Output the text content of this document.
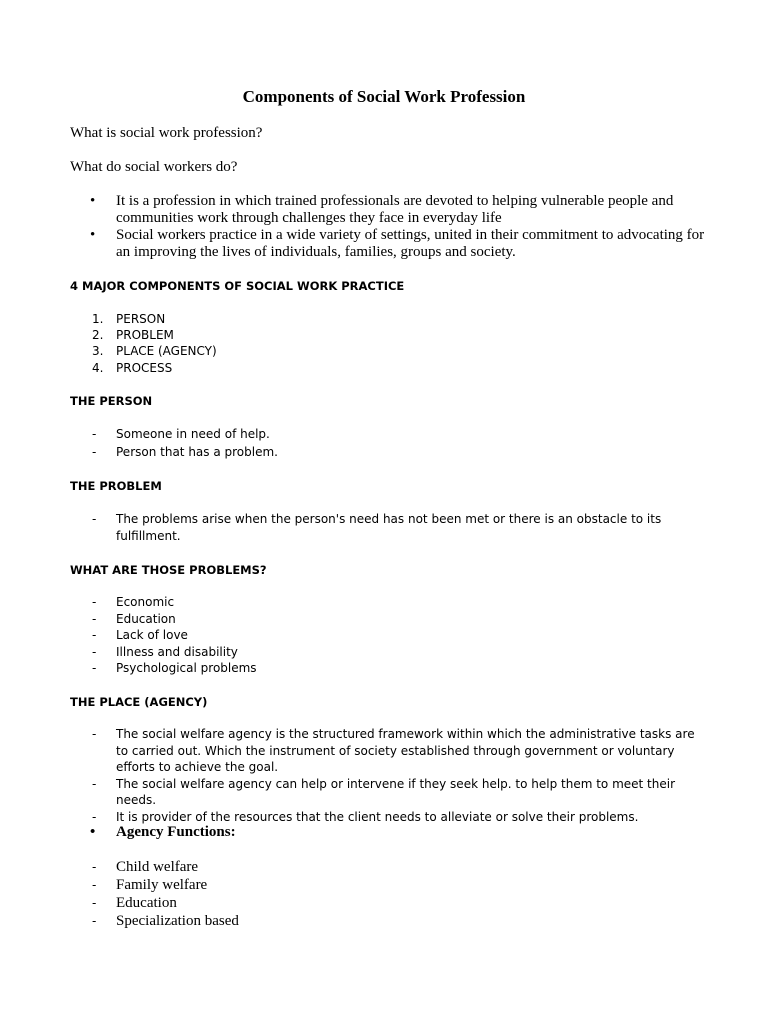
Components of Social Work Profession
What is social work profession?
What do social workers do?
• It is a profession in which trained professionals are devoted to helping vulnerable people and communities work through challenges they face in everyday life
• Social workers practice in a wide variety of settings, united in their commitment to advocating for an improving the lives of individuals, families, groups and society.
4 MAJOR COMPONENTS OF SOCIAL WORK PRACTICE
1. PERSON
2. PROBLEM
3. PLACE (AGENCY)
4. PROCESS
THE PERSON
- Someone in need of help.
- Person that has a problem.
THE PROBLEM
- The problems arise when the person's need has not been met or there is an obstacle to its fulfillment.
WHAT ARE THOSE PROBLEMS?
- Economic
- Education
- Lack of love
- Illness and disability
- Psychological problems
THE PLACE (AGENCY)
- The social welfare agency is the structured framework within which the administrative tasks are to carried out. Which the instrument of society established through government or voluntary efforts to achieve the goal.
- The social welfare agency can help or intervene if they seek help. to help them to meet their needs.
- It is provider of the resources that the client needs to alleviate or solve their problems.
• Agency Functions:
- Child welfare
- Family welfare
- Education
- Specialization based
